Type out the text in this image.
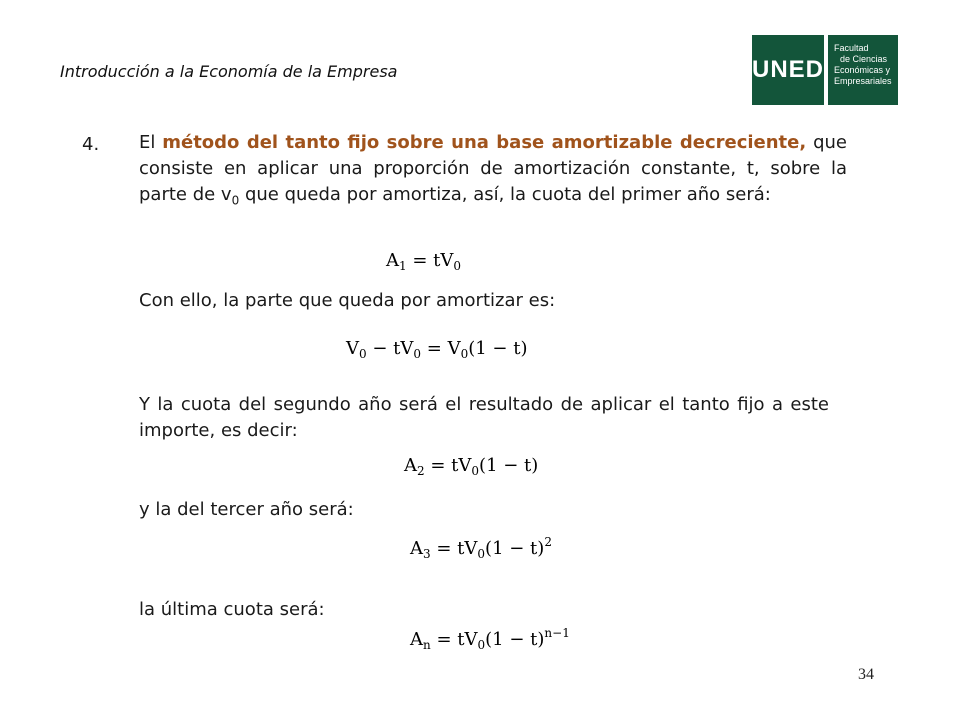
Introducción a la Economía de la Empresa	UNED
Facultad
de Ciencias
Económicas y
Empresariales
4. El método del tanto fijo sobre una base amortizable decreciente, que consiste en aplicar una proporción de amortización constante, t, sobre la parte de $v_0$ que queda por amortiza, así, la cuota del primer año será:
$A_1 = tV_0$
Con ello, la parte que queda por amortizar es:
$V_0 - tV_0 = V_0(1 - t)$
Y la cuota del segundo año será el resultado de aplicar el tanto fijo a este importe, es decir:
$A_2 = tV_0(1 - t)$
y la del tercer año será:
$A_3 = tV_0(1 - t)^2$
la última cuota será:
$A_n = tV_0(1 - t)^{n-1}$
34
